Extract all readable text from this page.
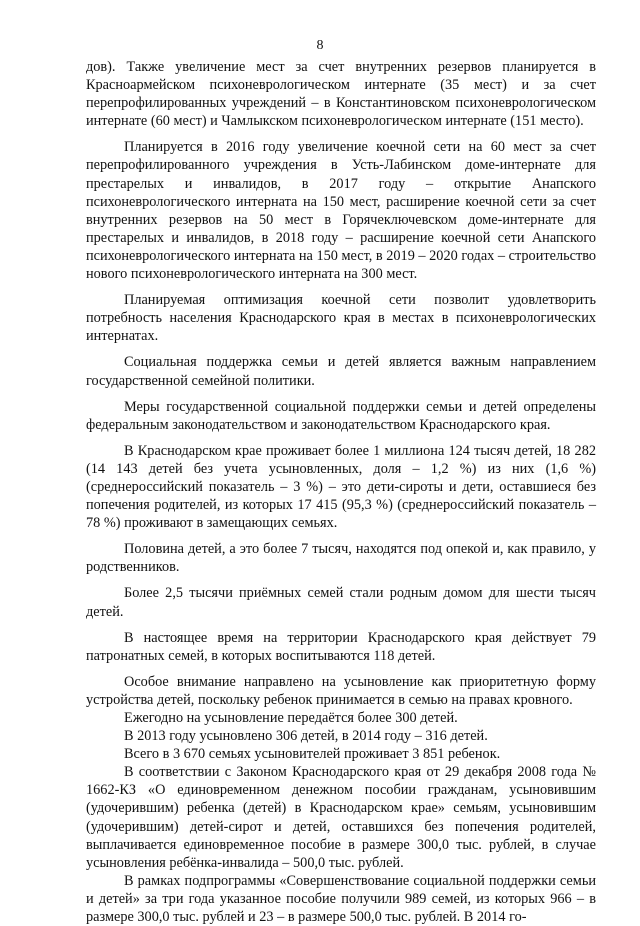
8

дов). Также увеличение мест за счет внутренних резервов планируется в Красноармейском психоневрологическом интернате (35 мест) и за счет перепрофилированных учреждений – в Константиновском психоневрологическом интернате (60 мест) и Чамлыкском психоневрологическом интернате (151 место).

Планируется в 2016 году увеличение коечной сети на 60 мест за счет перепрофилированного учреждения в Усть-Лабинском доме-интернате для престарелых и инвалидов, в 2017 году – открытие Анапского психоневрологического интерната на 150 мест, расширение коечной сети за счет внутренних резервов на 50 мест в Горячеключевском доме-интернате для престарелых и инвалидов, в 2018 году – расширение коечной сети Анапского психоневрологического интерната на 150 мест, в 2019 – 2020 годах – строительство нового психоневрологического интерната на 300 мест.

Планируемая оптимизация коечной сети позволит удовлетворить потребность населения Краснодарского края в местах в психоневрологических интернатах.

Социальная поддержка семьи и детей является важным направлением государственной семейной политики.

Меры государственной социальной поддержки семьи и детей определены федеральным законодательством и законодательством Краснодарского края.

В Краснодарском крае проживает более 1 миллиона 124 тысяч детей, 18 282 (14 143 детей без учета усыновленных, доля – 1,2 %) из них (1,6 %) (среднероссийский показатель – 3 %) – это дети-сироты и дети, оставшиеся без попечения родителей, из которых 17 415 (95,3 %) (среднероссийский показатель – 78 %) проживают в замещающих семьях.

Половина детей, а это более 7 тысяч, находятся под опекой и, как правило, у родственников.

Более 2,5 тысячи приёмных семей стали родным домом для шести тысяч детей.

В настоящее время на территории Краснодарского края действует 79 патронатных семей, в которых воспитываются 118 детей.

Особое внимание направлено на усыновление как приоритетную форму устройства детей, поскольку ребенок принимается в семью на правах кровного.

Ежегодно на усыновление передаётся более 300 детей.

В 2013 году усыновлено 306 детей, в 2014 году – 316 детей.

Всего в 3 670 семьях усыновителей проживает 3 851 ребенок.

В соответствии с Законом Краснодарского края от 29 декабря 2008 года № 1662-КЗ «О единовременном денежном пособии гражданам, усыновившим (удочерившим) ребенка (детей) в Краснодарском крае» семьям, усыновившим (удочерившим) детей-сирот и детей, оставшихся без попечения родителей, выплачивается единовременное пособие в размере 300,0 тыс. рублей, в случае усыновления ребёнка-инвалида – 500,0 тыс. рублей.

В рамках подпрограммы «Совершенствование социальной поддержки семьи и детей» за три года указанное пособие получили 989 семей, из которых 966 – в размере 300,0 тыс. рублей и 23 – в размере 500,0 тыс. рублей. В 2014 го-
